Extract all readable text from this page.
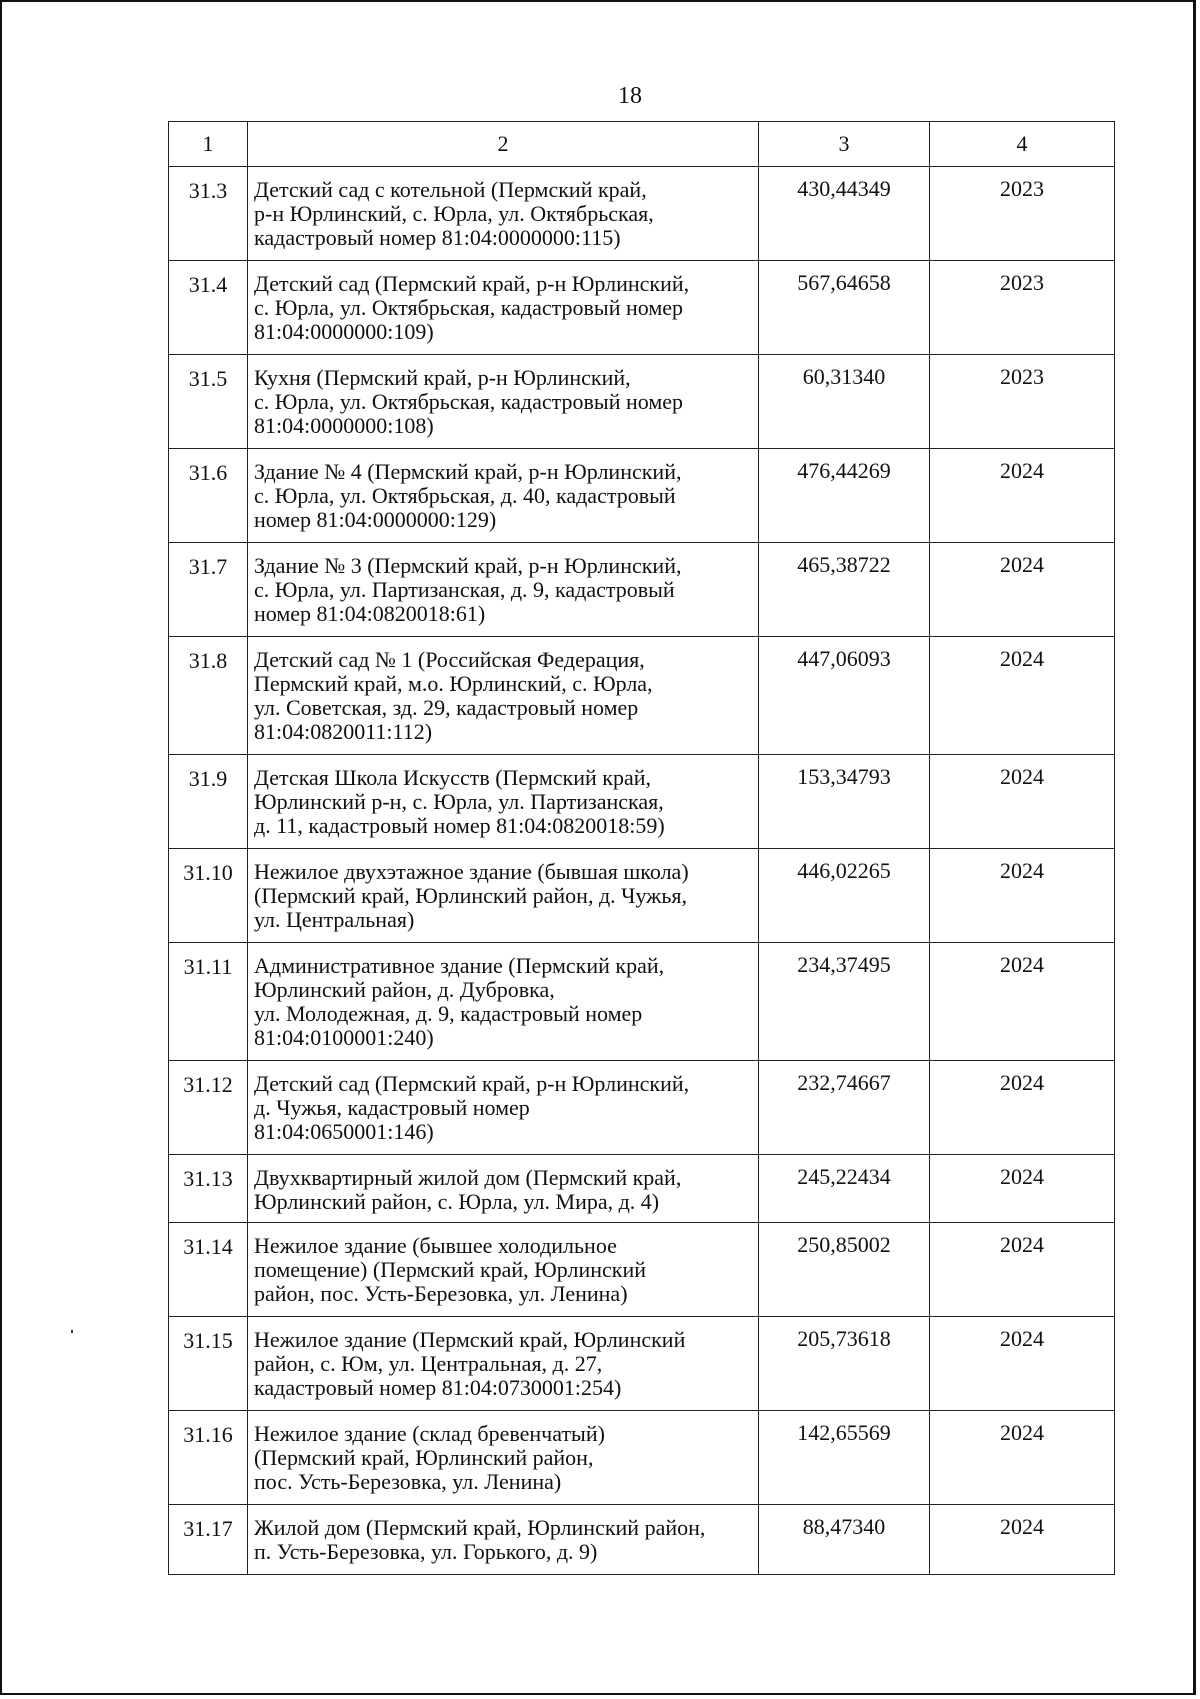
18
1	2	3	4
31.3	Детский сад с котельной (Пермский край,
р-н Юрлинский, с. Юрла, ул. Октябрьская,
кадастровый номер 81:04:0000000:115)	430,44349	2023
31.4	Детский сад (Пермский край, р-н Юрлинский,
с. Юрла, ул. Октябрьская, кадастровый номер
81:04:0000000:109)	567,64658	2023
31.5	Кухня (Пермский край, р-н Юрлинский,
с. Юрла, ул. Октябрьская, кадастровый номер
81:04:0000000:108)	60,31340	2023
31.6	Здание № 4 (Пермский край, р-н Юрлинский,
с. Юрла, ул. Октябрьская, д. 40, кадастровый
номер 81:04:0000000:129)	476,44269	2024
31.7	Здание № 3 (Пермский край, р-н Юрлинский,
с. Юрла, ул. Партизанская, д. 9, кадастровый
номер 81:04:0820018:61)	465,38722	2024
31.8	Детский сад № 1 (Российская Федерация,
Пермский край, м.о. Юрлинский, с. Юрла,
ул. Советская, зд. 29, кадастровый номер
81:04:0820011:112)	447,06093	2024
31.9	Детская Школа Искусств (Пермский край,
Юрлинский р-н, с. Юрла, ул. Партизанская,
д. 11, кадастровый номер 81:04:0820018:59)	153,34793	2024
31.10	Нежилое двухэтажное здание (бывшая школа)
(Пермский край, Юрлинский район, д. Чужья,
ул. Центральная)	446,02265	2024
31.11	Административное здание (Пермский край,
Юрлинский район, д. Дубровка,
ул. Молодежная, д. 9, кадастровый номер
81:04:0100001:240)	234,37495	2024
31.12	Детский сад (Пермский край, р-н Юрлинский,
д. Чужья, кадастровый номер
81:04:0650001:146)	232,74667	2024
31.13	Двухквартирный жилой дом (Пермский край,
Юрлинский район, с. Юрла, ул. Мира, д. 4)	245,22434	2024
31.14	Нежилое здание (бывшее холодильное
помещение) (Пермский край, Юрлинский
район, пос. Усть-Березовка, ул. Ленина)	250,85002	2024
31.15	Нежилое здание (Пермский край, Юрлинский
район, с. Юм, ул. Центральная, д. 27,
кадастровый номер 81:04:0730001:254)	205,73618	2024
31.16	Нежилое здание (склад бревенчатый)
(Пермский край, Юрлинский район,
пос. Усть-Березовка, ул. Ленина)	142,65569	2024
31.17	Жилой дом (Пермский край, Юрлинский район,
п. Усть-Березовка, ул. Горького, д. 9)	88,47340	2024
